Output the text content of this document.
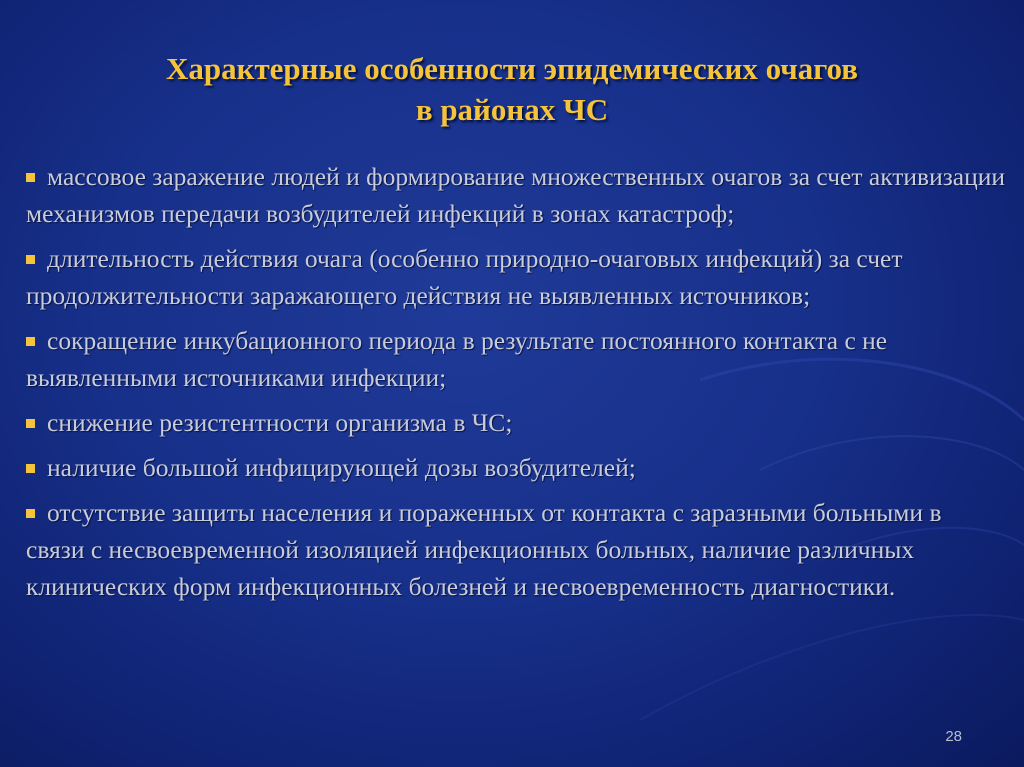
Характерные особенности эпидемических очагов
в районах ЧС
массовое заражение людей и формирование множественных очагов за счет активизации механизмов передачи возбудителей инфекций в зонах катастроф;
длительность действия очага (особенно природно-очаговых инфекций) за счет продолжительности заражающего действия не выявленных источников;
сокращение инкубационного периода в результате постоянного контакта с не выявленными источниками инфекции;
снижение резистентности организма в ЧС;
наличие большой инфицирующей дозы возбудителей;
отсутствие защиты населения и пораженных от контакта с заразными больными в связи с несвоевременной изоляцией инфекционных больных, наличие различных клинических форм инфекционных болезней и несвоевременность диагностики.
28
